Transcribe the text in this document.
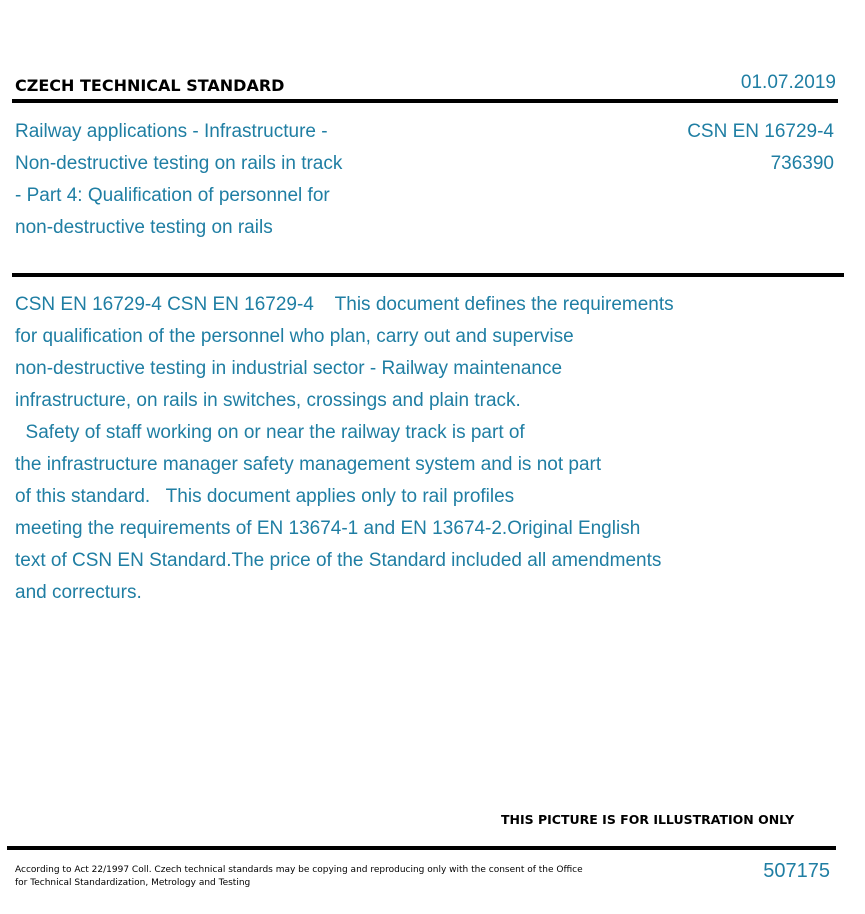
CZECH TECHNICAL STANDARD	01.07.2019
Railway applications - Infrastructure -
Non-destructive testing on rails in track
- Part 4: Qualification of personnel for
non-destructive testing on rails
CSN EN 16729-4
736390
CSN EN 16729-4 CSN EN 16729-4    This document defines the requirements
for qualification of the personnel who plan, carry out and supervise
non-destructive testing in industrial sector - Railway maintenance
infrastructure, on rails in switches, crossings and plain track.
Safety of staff working on or near the railway track is part of
the infrastructure manager safety management system and is not part
of this standard.   This document applies only to rail profiles
meeting the requirements of EN 13674-1 and EN 13674-2.Original English
text of CSN EN Standard.The price of the Standard included all amendments
and correcturs.
THIS PICTURE IS FOR ILLUSTRATION ONLY
According to Act 22/1997 Coll. Czech technical standards may be copying and reproducing only with the consent of the Office
for Technical Standardization, Metrology and Testing
507175
